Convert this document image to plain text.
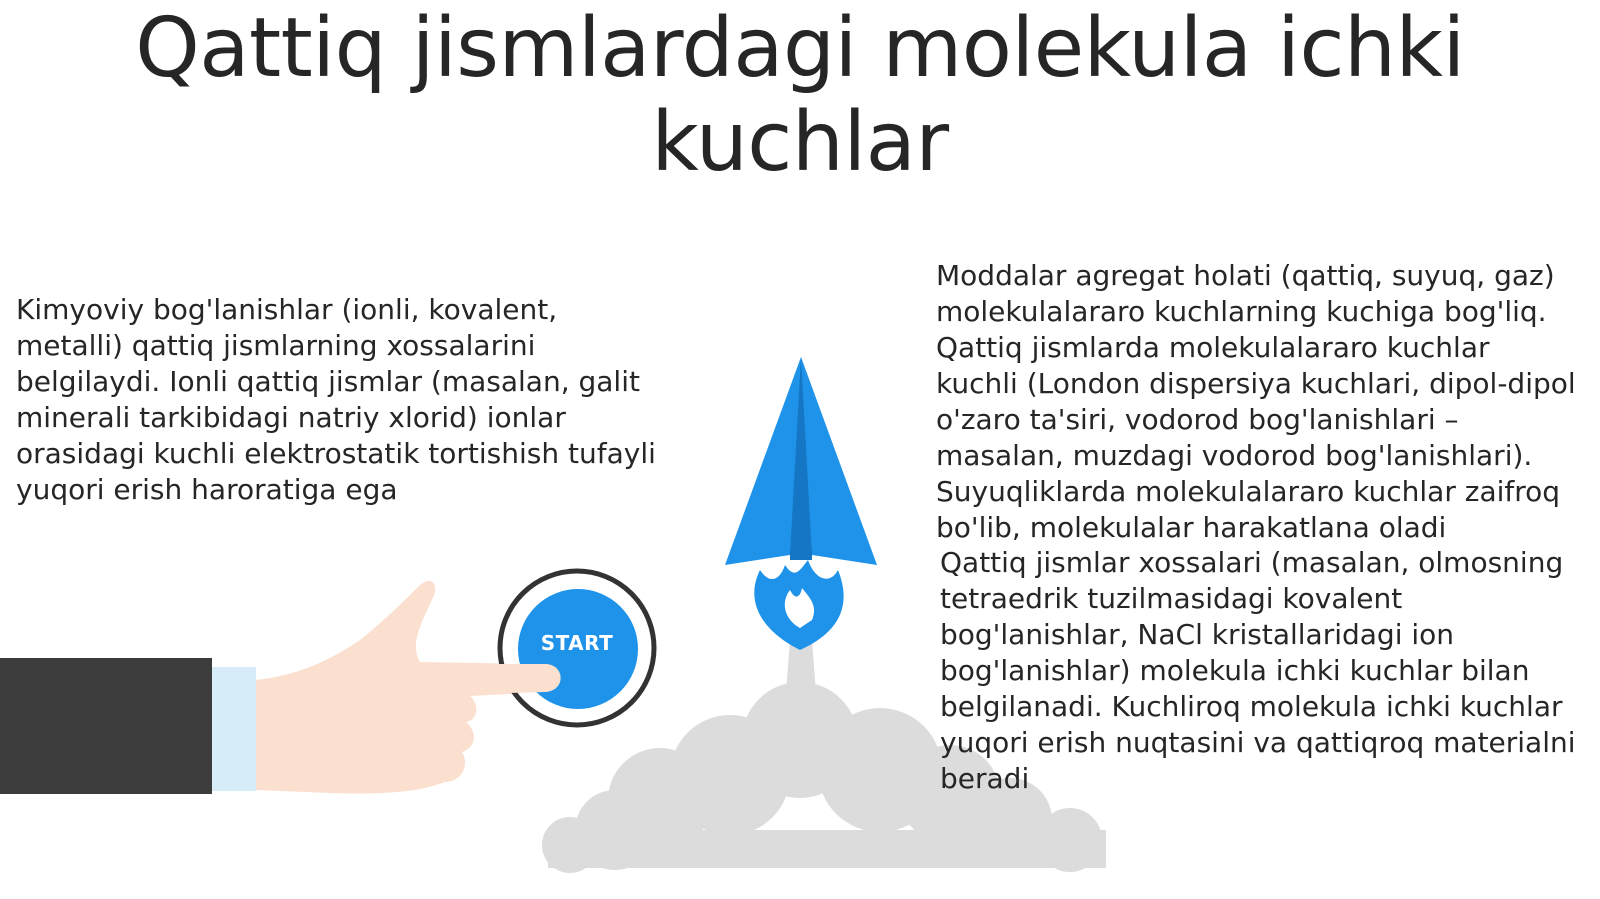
Qattiq jismlardagi molekula ichki kuchlar

Kimyoviy bog'lanishlar (ionli, kovalent, metalli) qattiq jismlarning xossalarini belgilaydi. Ionli qattiq jismlar (masalan, galit minerali tarkibidagi natriy xlorid) ionlar orasidagi kuchli elektrostatik tortishish tufayli yuqori erish haroratiga ega

START

Moddalar agregat holati (qattiq, suyuq, gaz) molekulalararo kuchlarning kuchiga bog'liq. Qattiq jismlarda molekulalararo kuchlar kuchli (London dispersiya kuchlari, dipol-dipol o'zaro ta'siri, vodorod bog'lanishlari – masalan, muzdagi vodorod bog'lanishlari). Suyuqliklarda molekulalararo kuchlar zaifroq bo'lib, molekulalar harakatlana oladi

Qattiq jismlar xossalari (masalan, olmosning tetraedrik tuzilmasidagi kovalent bog'lanishlar, NaCl kristallaridagi ion bog'lanishlar) molekula ichki kuchlar bilan belgilanadi. Kuchliroq molekula ichki kuchlar yuqori erish nuqtasini va qattiqroq materialni beradi
